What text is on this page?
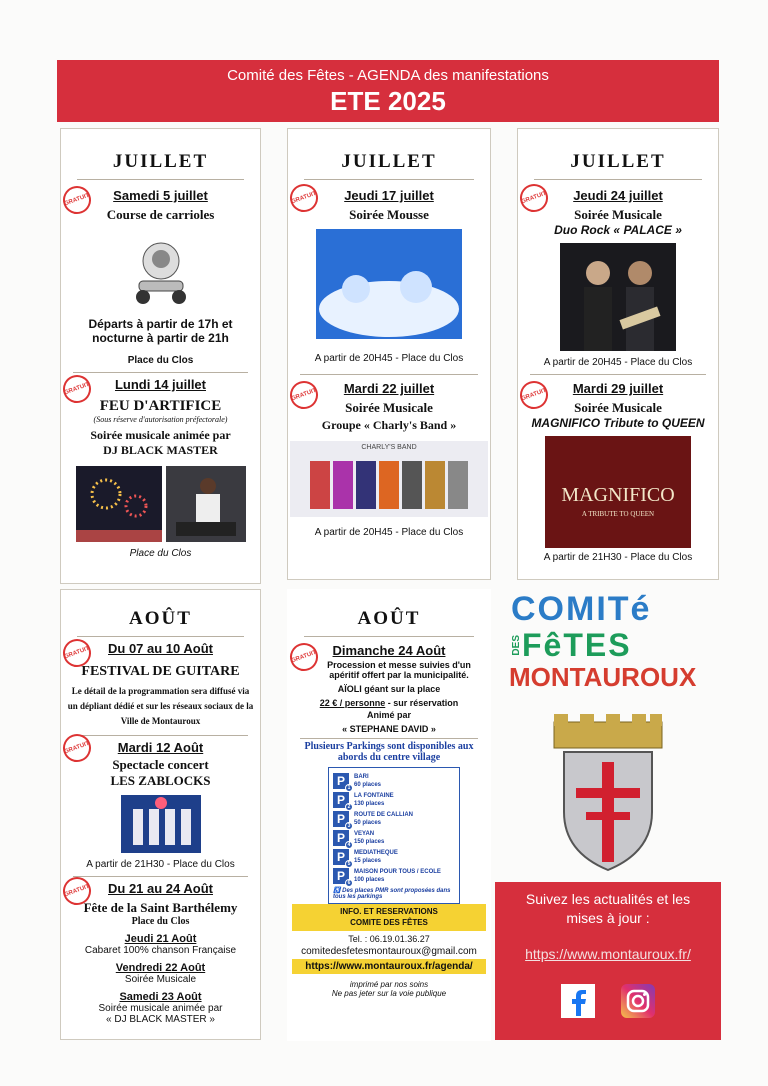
Comité des Fêtes - AGENDA des manifestations
ETE 2025
JUILLET
GRATUIT	Samedi 5 juillet
Course de carrioles
Départs à partir de 17h et nocturne à partir de 21h
Place du Clos
GRATUIT	Lundi 14 juillet
FEU D'ARTIFICE
(Sous réserve d'autorisation préfectorale)
Soirée musicale animée par
DJ BLACK MASTER
Place du Clos
JUILLET
GRATUIT	Jeudi 17 juillet
Soirée Mousse
A partir de 20H45 - Place du Clos
GRATUIT	Mardi 22 juillet
Soirée Musicale
Groupe « Charly's Band »
CHARLY'S BAND
A partir de 20H45 - Place du Clos
JUILLET
GRATUIT	Jeudi 24 juillet
Soirée Musicale
Duo Rock « PALACE »
A partir de 20H45 - Place du Clos
GRATUIT	Mardi 29 juillet
Soirée Musicale
MAGNIFICO Tribute to QUEEN
MAGNIFICO
A TRIBUTE TO QUEEN
A partir de 21H30 - Place du Clos
AOÛT
GRATUIT	Du 07 au 10 Août
FESTIVAL DE GUITARE
Le détail de la programmation sera diffusé via un dépliant dédié et sur les réseaux sociaux de la Ville de Montauroux
GRATUIT	Mardi 12 Août
Spectacle concert
LES ZABLOCKS
A partir de 21H30 - Place du Clos
GRATUIT	Du 21 au 24 Août
Fête de la Saint Barthélemy
Place du Clos
Jeudi 21 Août
Cabaret 100% chanson Française
Vendredi 22 Août
Soirée Musicale
Samedi 23 Août
Soirée musicale animée par
« DJ BLACK MASTER »
AOÛT
GRATUIT	Dimanche 24 Août
Procession et messe suivies d'un apéritif offert par la municipalité.
AÏOLI géant sur la place
22 € / personne - sur réservation
Animé par
« STEPHANE DAVID »
Plusieurs Parkings sont disponibles aux abords du centre village
P 1
BARI
60 places
P 2
LA FONTAINE
130 places
P 3
ROUTE DE CALLIAN
50 places
P 4
VEYAN
150 places
P 5
MEDIATHEQUE
15 places
P 6
MAISON POUR TOUS / ECOLE
100 places
♿ Des places PMR sont proposées dans tous les parkings
INFO. ET RESERVATIONS
COMITE DES FÊTES
Tel. : 06.19.01.36.27
comitedesfetesmontauroux@gmail.com
https://www.montauroux.fr/agenda/
imprimé par nos soins
Ne pas jeter sur la voie publique
COMITé
DES FêTES
MONTAUROUX
Suivez les actualités et les mises à jour :
https://www.montauroux.fr/
